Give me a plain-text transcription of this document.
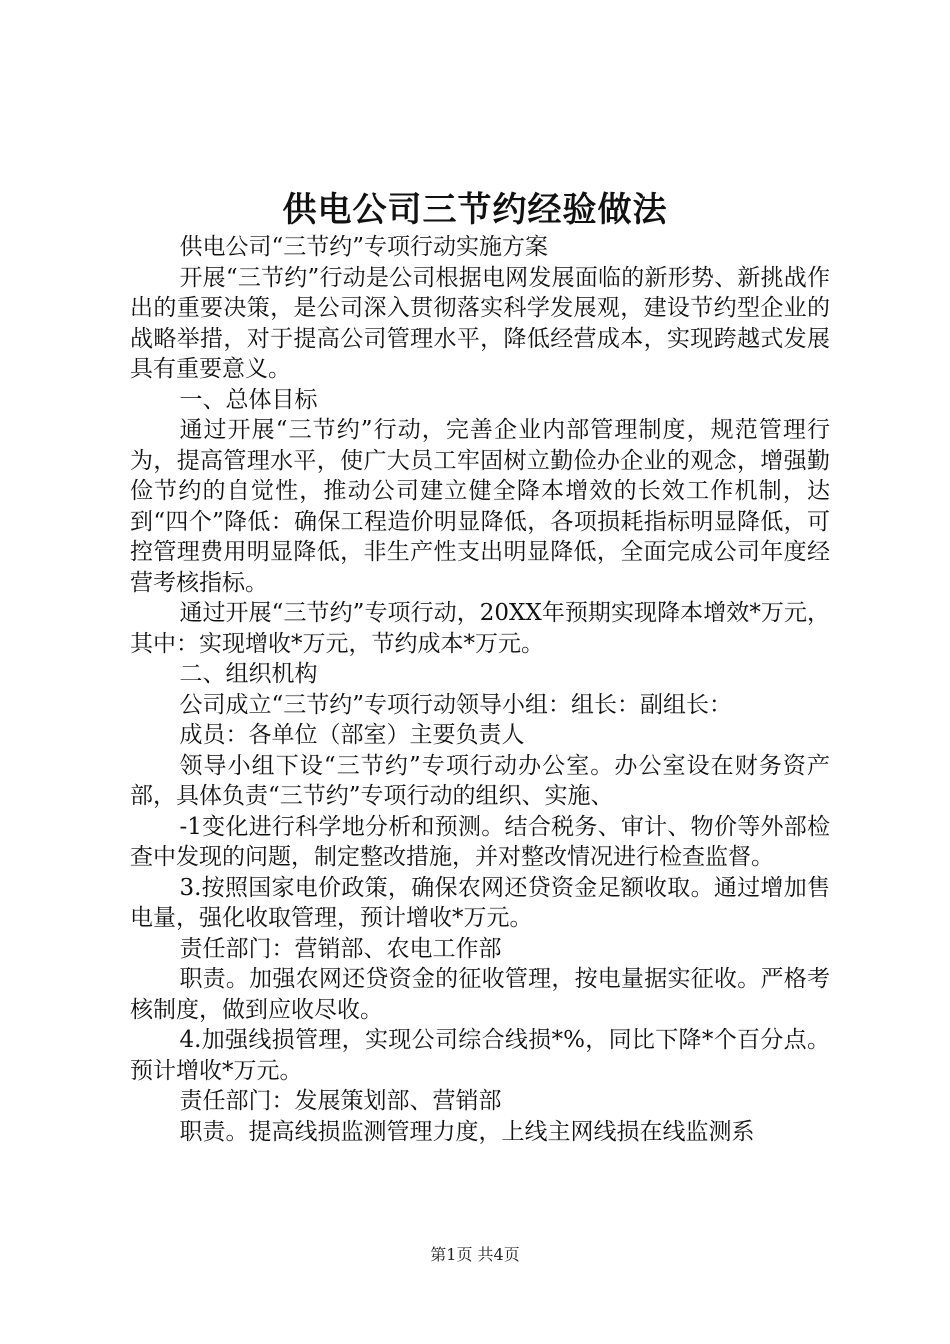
供电公司三节约经验做法

供电公司“三节约”专项行动实施方案

开展“三节约”行动是公司根据电网发展面临的新形势、新挑战作出的重要决策，是公司深入贯彻落实科学发展观，建设节约型企业的战略举措，对于提高公司管理水平，降低经营成本，实现跨越式发展具有重要意义。

一、总体目标

通过开展“三节约”行动，完善企业内部管理制度，规范管理行为，提高管理水平，使广大员工牢固树立勤俭办企业的观念，增强勤俭节约的自觉性，推动公司建立健全降本增效的长效工作机制，达到“四个”降低：确保工程造价明显降低，各项损耗指标明显降低，可控管理费用明显降低，非生产性支出明显降低，全面完成公司年度经营考核指标。

通过开展“三节约”专项行动，20XX年预期实现降本增效*万元，其中：实现增收*万元，节约成本*万元。

二、组织机构

公司成立“三节约”专项行动领导小组：组长：副组长：

成员：各单位（部室）主要负责人

领导小组下设“三节约”专项行动办公室。办公室设在财务资产部，具体负责“三节约”专项行动的组织、实施、

-1变化进行科学地分析和预测。结合税务、审计、物价等外部检查中发现的问题，制定整改措施，并对整改情况进行检查监督。

3.按照国家电价政策，确保农网还贷资金足额收取。通过增加售电量，强化收取管理，预计增收*万元。

责任部门：营销部、农电工作部

职责。加强农网还贷资金的征收管理，按电量据实征收。严格考核制度，做到应收尽收。

4.加强线损管理，实现公司综合线损*%，同比下降*个百分点。预计增收*万元。

责任部门：发展策划部、营销部

职责。提高线损监测管理力度，上线主网线损在线监测系

第1页 共4页
